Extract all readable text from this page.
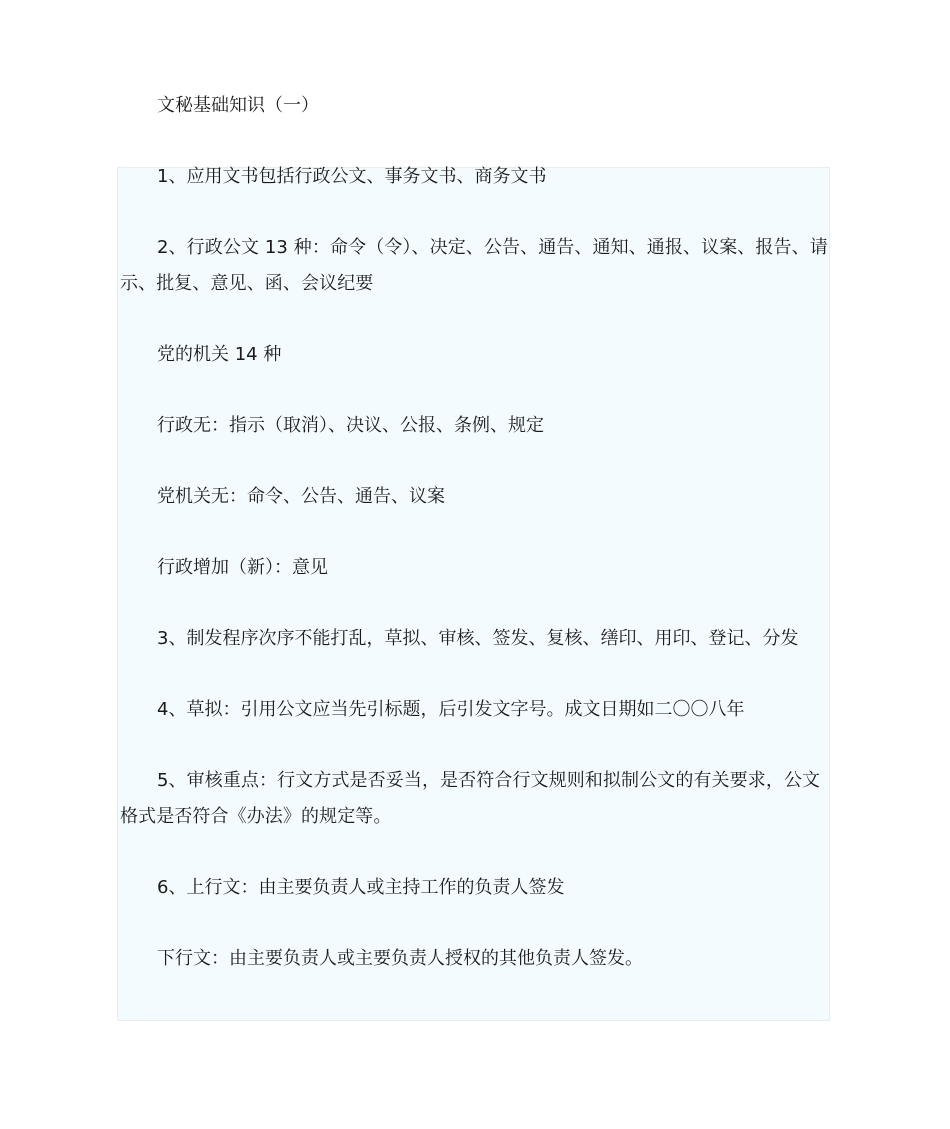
文秘基础知识（一）
1、应用文书包括行政公文、事务文书、商务文书
2、行政公文 13 种：命令（令）、决定、公告、通告、通知、通报、议案、报告、请示、批复、意见、函、会议纪要
党的机关 14 种
行政无：指示（取消）、决议、公报、条例、规定
党机关无：命令、公告、通告、议案
行政增加（新）：意见
3、制发程序次序不能打乱，草拟、审核、签发、复核、缮印、用印、登记、分发
4、草拟：引用公文应当先引标题，后引发文字号。成文日期如二〇〇八年
5、审核重点：行文方式是否妥当，是否符合行文规则和拟制公文的有关要求，公文格式是否符合《办法》的规定等。
6、上行文：由主要负责人或主持工作的负责人签发
下行文：由主要负责人或主要负责人授权的其他负责人签发。
